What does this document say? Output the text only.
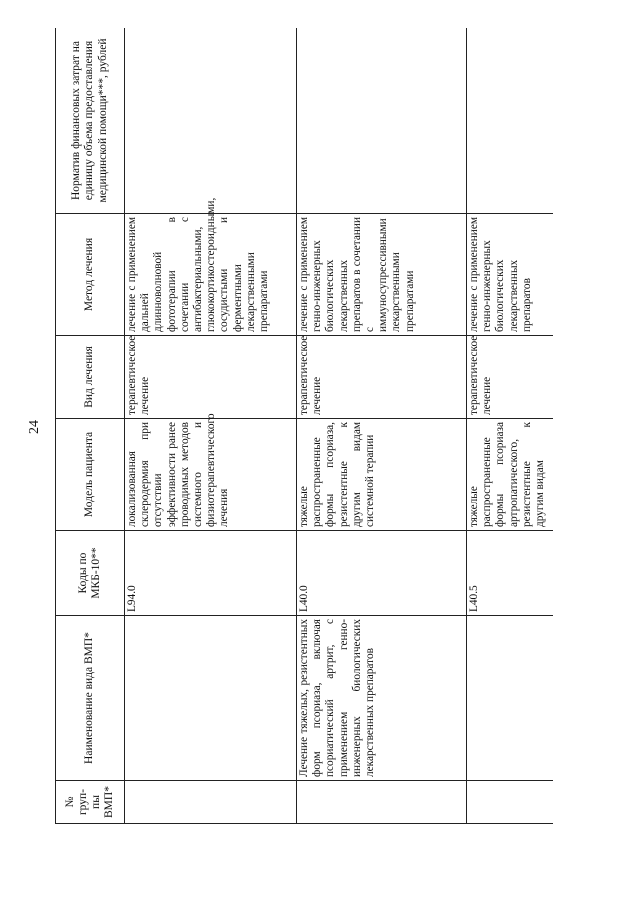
24
№ груп-
пы
ВМП*	Наименование вида ВМП*	Коды по МКБ-10**	Модель пациента	Вид лечения	Метод лечения	Норматив финансовых затрат на единицу объема предоставления медицинской помощи***, рублей
		L94.0	локализованная склеродермия при отсутствии эффективности ранее проводимых методов системного и физиотерапевтического лечения	терапевтическое лечение	лечение с применением дальней длинноволновой фототерапии в сочетании с антибактериальными, глюкокортикостероидными, сосудистыми и ферментными лекарственными препаратами	
	Лечение тяжелых, резистентных форм псориаза, включая псориатический артрит, с применением генно-инженерных биологических лекарственных препаратов	L40.0	тяжелые распространенные формы псориаза, резистентные к другим видам системной терапии	терапевтическое лечение	лечение с применением генно-инженерных биологических лекарственных препаратов в сочетании с иммуносупрессивными лекарственными препаратами	
		L40.5	тяжелые распространенные формы псориаза артропатического, резистентные к другим видам	терапевтическое лечение	лечение с применением генно-инженерных биологических лекарственных препаратов	
